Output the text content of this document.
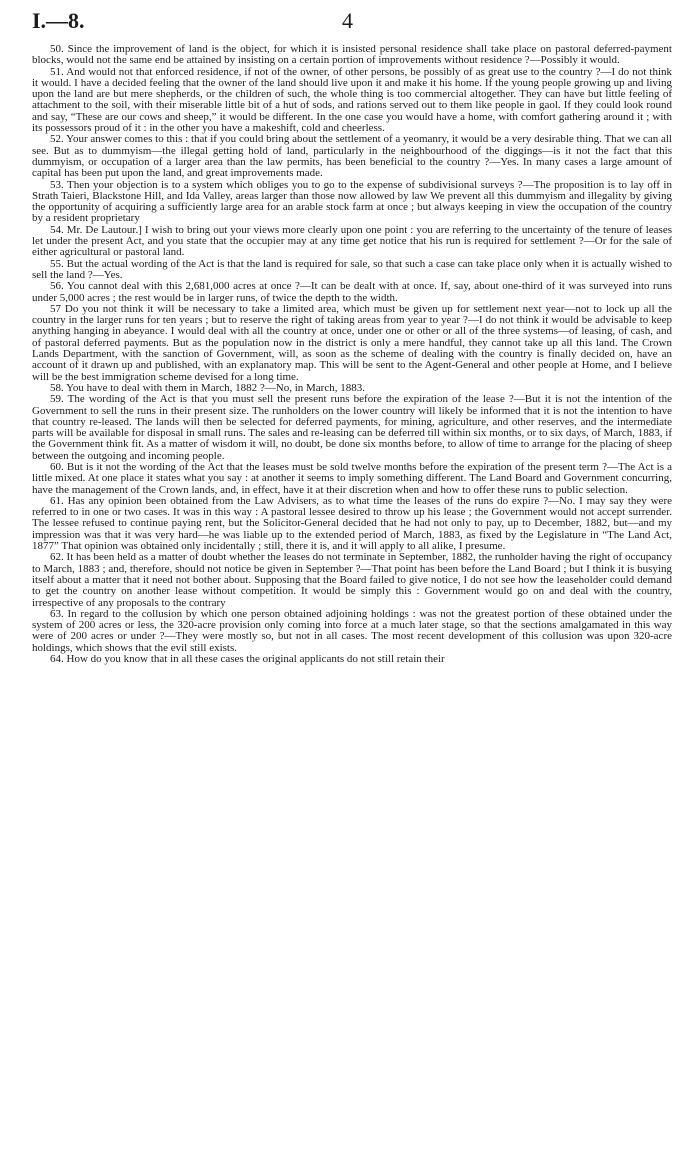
I.—8.	4

50. Since the improvement of land is the object, for which it is insisted personal residence shall take place on pastoral deferred-payment blocks, would not the same end be attained by insisting on a certain portion of improvements without residence ?—Possibly it would.

51. And would not that enforced residence, if not of the owner, of other persons, be possibly of as great use to the country ?—I do not think it would. I have a decided feeling that the owner of the land should live upon it and make it his home. If the young people growing up and living upon the land are but mere shepherds, or the children of such, the whole thing is too commercial altogether. They can have but little feeling of attachment to the soil, with their miserable little bit of a hut of sods, and rations served out to them like people in gaol. If they could look round and say, “These are our cows and sheep,” it would be different. In the one case you would have a home, with comfort gathering around it ; with its possessors proud of it : in the other you have a makeshift, cold and cheerless.

52. Your answer comes to this : that if you could bring about the settlement of a yeomanry, it would be a very desirable thing. That we can all see. But as to dummyism—the illegal getting hold of land, particularly in the neighbourhood of the diggings—is it not the fact that this dummyism, or occupation of a larger area than the law permits, has been beneficial to the country ?—Yes. In many cases a large amount of capital has been put upon the land, and great improvements made.

53. Then your objection is to a system which obliges you to go to the expense of subdivisional surveys ?—The proposition is to lay off in Strath Taieri, Blackstone Hill, and Ida Valley, areas larger than those now allowed by law We prevent all this dummyism and illegality by giving the opportunity of acquiring a sufficiently large area for an arable stock farm at once ; but always keeping in view the occupation of the country by a resident proprietary

54. Mr. De Lautour.] I wish to bring out your views more clearly upon one point : you are referring to the uncertainty of the tenure of leases let under the present Act, and you state that the occupier may at any time get notice that his run is required for settlement ?—Or for the sale of either agricultural or pastoral land.

55. But the actual wording of the Act is that the land is required for sale, so that such a case can take place only when it is actually wished to sell the land ?—Yes.

56. You cannot deal with this 2,681,000 acres at once ?—It can be dealt with at once. If, say, about one-third of it was surveyed into runs under 5,000 acres ; the rest would be in larger runs, of twice the depth to the width.

57 Do you not think it will be necessary to take a limited area, which must be given up for settlement next year—not to lock up all the country in the larger runs for ten years ; but to reserve the right of taking areas from year to year ?—I do not think it would be advisable to keep anything hanging in abeyance. I would deal with all the country at once, under one or other or all of the three systems—of leasing, of cash, and of pastoral deferred payments. But as the population now in the district is only a mere handful, they cannot take up all this land. The Crown Lands Department, with the sanction of Government, will, as soon as the scheme of dealing with the country is finally decided on, have an account of it drawn up and published, with an explanatory map. This will be sent to the Agent-General and other people at Home, and I believe will be the best immigration scheme devised for a long time.

58. You have to deal with them in March, 1882 ?—No, in March, 1883.

59. The wording of the Act is that you must sell the present runs before the expiration of the lease ?—But it is not the intention of the Government to sell the runs in their present size. The runholders on the lower country will likely be informed that it is not the intention to have that country re-leased. The lands will then be selected for deferred payments, for mining, agriculture, and other reserves, and the intermediate parts will be available for disposal in small runs. The sales and re-leasing can be deferred till within six months, or to six days, of March, 1883, if the Government think fit. As a matter of wisdom it will, no doubt, be done six months before, to allow of time to arrange for the placing of sheep between the outgoing and incoming people.

60. But is it not the wording of the Act that the leases must be sold twelve months before the expiration of the present term ?—The Act is a little mixed. At one place it states what you say : at another it seems to imply something different. The Land Board and Government concurring, have the management of the Crown lands, and, in effect, have it at their discretion when and how to offer these runs to public selection.

61. Has any opinion been obtained from the Law Advisers, as to what time the leases of the runs do expire ?—No. I may say they were referred to in one or two cases. It was in this way : A pastoral lessee desired to throw up his lease ; the Government would not accept surrender. The lessee refused to continue paying rent, but the Solicitor-General decided that he had not only to pay, up to December, 1882, but—and my impression was that it was very hard—he was liable up to the extended period of March, 1883, as fixed by the Legislature in “The Land Act, 1877” That opinion was obtained only incidentally ; still, there it is, and it will apply to all alike, I presume.

62. It has been held as a matter of doubt whether the leases do not terminate in September, 1882, the runholder having the right of occupancy to March, 1883 ; and, therefore, should not notice be given in September ?—That point has been before the Land Board ; but I think it is busying itself about a matter that it need not bother about. Supposing that the Board failed to give notice, I do not see how the leaseholder could demand to get the country on another lease without competition. It would be simply this : Government would go on and deal with the country, irrespective of any proposals to the contrary

63. In regard to the collusion by which one person obtained adjoining holdings : was not the greatest portion of these obtained under the system of 200 acres or less, the 320-acre provision only coming into force at a much later stage, so that the sections amalgamated in this way were of 200 acres or under ?—They were mostly so, but not in all cases. The most recent development of this collusion was upon 320-acre holdings, which shows that the evil still exists.

64. How do you know that in all these cases the original applicants do not still retain their
